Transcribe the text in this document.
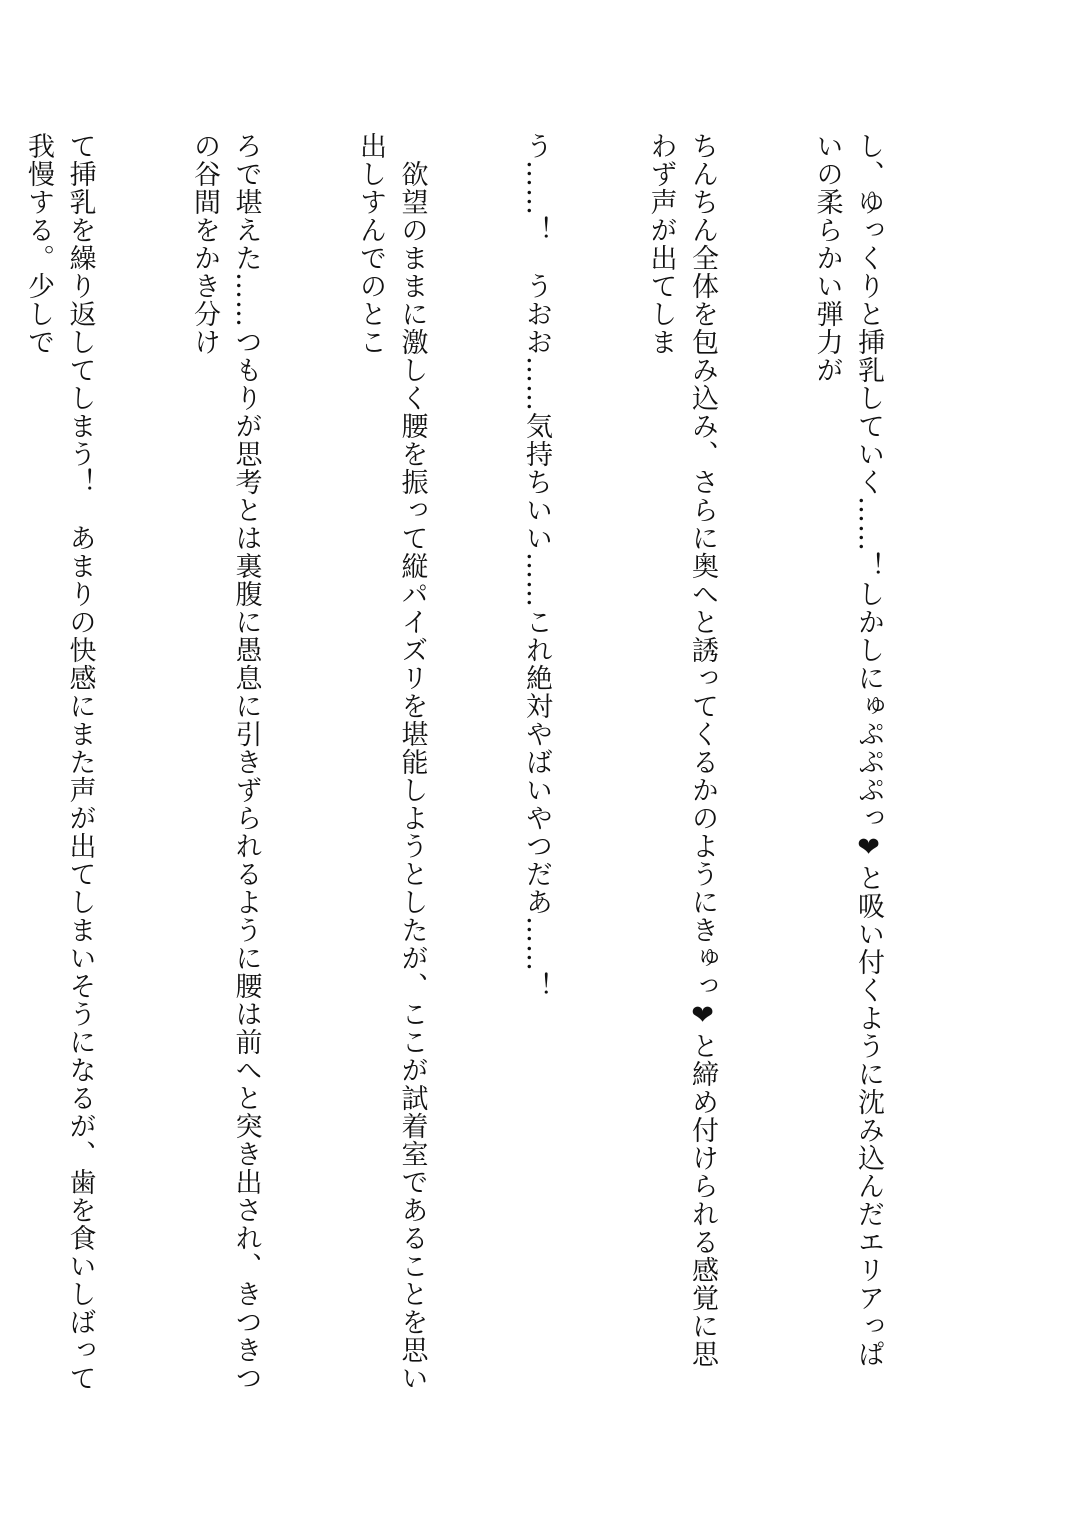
し、ゆっくりと挿乳していく……！しかしにゅぷぷぷっ❤と吸い付くように沈み込んだエリアっぱいの柔らかい弾力が

ちんちん全体を包み込み、さらに奥へと誘ってくるかのようにきゅっ❤と締め付けられる感覚に思わず声が出てしま

う……！　うおお……気持ちいい……これ絶対やばいやつだあ……！

　欲望のままに激しく腰を振って縦パイズリを堪能しようとしたが、ここが試着室であることを思い出しすんでのとこ

ろで堪えた……つもりが思考とは裏腹に愚息に引きずられるように腰は前へと突き出され、きつきつの谷間をかき分け

て挿乳を繰り返してしまう！　あまりの快感にまた声が出てしまいそうになるが、歯を食いしばって我慢する。少しで
